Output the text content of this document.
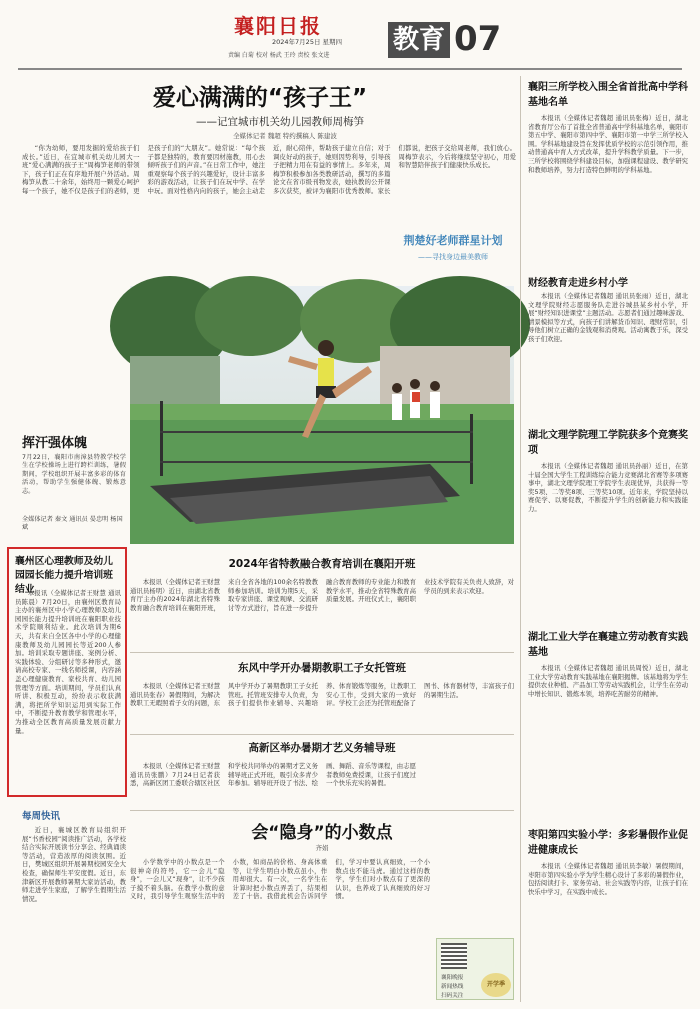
襄阳日报
2024年7月25日 星期四
责编 白菊 校对 杨武 王玲 责校 张文进
教育 07
爱心满满的“孩子王”
——记宜城市机关幼儿园教师周梅笋
全媒体记者 魏超 特约撰稿人 陈建波
“你为幼师，要用发掘的爱给孩子们成长。”近日，在宜城市机关幼儿园大一班“爱心满满的孩子王”周梅笋老师的带领下，孩子们正在有序地开展户外活动。周梅笋从教二十余年，始终用一颗爱心呵护每一个孩子，她不仅是孩子们的老师，更是孩子们的“大朋友”。她常说：“每个孩子都是独特的，教育要因材施教，用心去倾听孩子们的声音。”在日常工作中，她注重观察每个孩子的兴趣爱好，设计丰富多彩的游戏活动，让孩子们在玩中学、在学中玩。面对性格内向的孩子，她会主动走近，耐心陪伴，帮助孩子建立自信；对于调皮好动的孩子，她则因势利导，引导孩子把精力用在有益的事情上。多年来，周梅笋积极参加各类教研活动，撰写的多篇论文在省市级刊物发表，她执教的公开课多次获奖，被评为襄阳市优秀教师。家长们都说，把孩子交给周老师，我们放心。周梅笋表示，今后将继续坚守初心，用爱和智慧陪伴孩子们健康快乐成长。
荆楚好老师群星计划
——寻找身边最美教师
挥汗强体魄
7月22日，襄阳市南漳县特教学校学生在学校操场上进行跨栏训练，暑假期间，学校组织开展丰富多彩的体育活动，帮助学生强健体魄、锻炼意志。
全媒体记者 秦文 通讯员 晏忠明 杨国斌
襄州区心理教师及幼儿园园长能力提升培训班结业
本报讯（全媒体记者王财慧 通讯员陈晨）7月20日，由襄州区教育局主办的襄州区中小学心理教师及幼儿园园长能力提升培训班在襄阳职业技术学院顺利结业。此次培训为期6天，共有来自全区各中小学的心理健康教师及幼儿园园长等近200人参加。培训采取专题讲座、案例分析、实践体验、分组研讨等多种形式，邀请高校专家、一线名师授课，内容涵盖心理健康教育、家校共育、幼儿园管理等方面。培训期间，学员们认真听讲、积极互动，纷纷表示收获满满，将把所学知识运用到实际工作中，不断提升教育教学和管理水平，为推动全区教育高质量发展贡献力量。
每周快讯
近日，襄城区教育局组织开展“书香校园”阅读推广活动，各学校结合实际开展读书分享会、经典诵读等活动，营造浓厚的阅读氛围。近日，樊城区组织开展暑期校园安全大检查，确保师生平安度假。近日，东津新区开展教师暑期大家访活动，教师走进学生家庭，了解学生假期生活情况。
2024年省特教融合教育培训在襄阳开班
本报讯（全媒体记者王财慧 通讯员杨明）近日，由湖北省教育厅主办的2024年湖北省特殊教育融合教育培训在襄阳开班，来自全省各地的100余名特教教师参加培训。培训为期5天，采取专家讲座、课堂观摩、交流研讨等方式进行，旨在进一步提升融合教育教师的专业能力和教育教学水平，推动全省特殊教育高质量发展。开班仪式上，襄阳职业技术学院有关负责人致辞，对学员的到来表示欢迎。
东风中学开办暑期教职工子女托管班
本报讯（全媒体记者王财慧 通讯员张春）暑假期间，为解决教职工无暇照看子女的问题，东风中学开办了暑期教职工子女托管班。托管班安排专人负责，为孩子们提供作业辅导、兴趣培养、体育锻炼等服务，让教职工安心工作，受到大家的一致好评。学校工会还为托管班配备了图书、体育器材等，丰富孩子们的暑期生活。
高新区举办暑期才艺义务辅导班
本报讯（全媒体记者王财慧 通讯员张鹏）7月24日记者获悉，高新区团工委联合辖区社区和学校共同举办的暑期才艺义务辅导班正式开班，吸引众多青少年参加。辅导班开设了书法、绘画、舞蹈、音乐等课程，由志愿者教师免费授课，让孩子们度过一个快乐充实的暑假。
会“隐身”的小数点
齐娟
小学数学中的小数点是一个很神奇的符号，它一会儿“隐身”，一会儿又“现身”，让不少孩子摸不着头脑。在教学小数的意义时，我引导学生观察生活中的小数，如商品的价格、身高体重等，让学生明白小数点虽小，作用却很大。有一次，一名学生在计算时把小数点弄丢了，结果相差了十倍。我借此机会告诉同学们，学习中要认真细致，一个小数点也不能马虎。通过这样的教学，学生们对小数点有了更深的认识，也养成了认真细致的好习惯。
襄阳晚报
新闻热线
扫码关注
开学季
襄阳三所学校入围全省首批高中学科基地名单
本报讯（全媒体记者魏超 通讯员张梅）近日，湖北省教育厅公布了首批全省普通高中学科基地名单，襄阳市第五中学、襄阳市第四中学、襄阳市第一中学三所学校入围。学科基地建设旨在发挥优质学校的示范引领作用，推动普通高中育人方式改革，提升学科教学质量。下一步，三所学校将围绕学科建设目标，加强课程建设、教学研究和教师培养，努力打造特色鲜明的学科基地。
财经教育走进乡村小学
本报讯（全媒体记者魏超 通讯员张雨）近日，湖北文理学院财经志愿服务队走进谷城县某乡村小学，开展“财经知识进课堂”主题活动。志愿者们通过趣味游戏、情景模拟等方式，向孩子们讲解货币知识、理财常识，引导他们树立正确的金钱观和消费观。活动寓教于乐，深受孩子们欢迎。
湖北文理学院理工学院获多个竞赛奖项
本报讯（全媒体记者魏超 通讯员孙丽）近日，在第十届全国大学生工程训练综合能力竞赛湖北省赛等多项赛事中，湖北文理学院理工学院学生表现优异，共获得一等奖5项、二等奖8项、三等奖10项。近年来，学院坚持以赛促学、以赛促教，不断提升学生的创新能力和实践能力。
湖北工业大学在襄建立劳动教育实践基地
本报讯（全媒体记者魏超 通讯员周悦）近日，湖北工业大学劳动教育实践基地在襄阳揭牌。该基地将为学生提供农业种植、产品加工等劳动实践机会，让学生在劳动中增长知识、锻炼本领，培养吃苦耐劳的精神。
枣阳第四实验小学：多彩暑假作业促进健康成长
本报讯（全媒体记者魏超 通讯员李敏）暑假期间，枣阳市第四实验小学为学生精心设计了多彩的暑假作业，包括阅读打卡、家务劳动、社会实践等内容，让孩子们在快乐中学习，在实践中成长。
